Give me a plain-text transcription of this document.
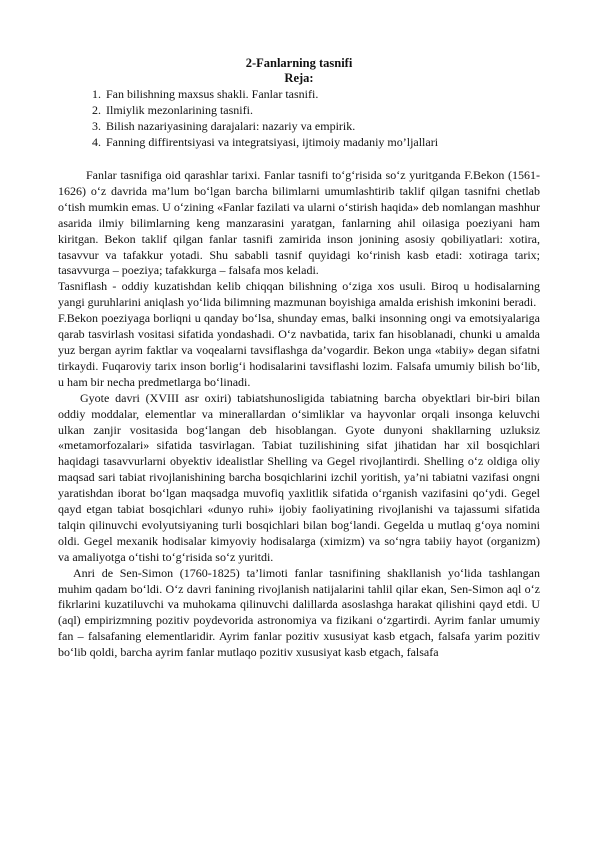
2-Fanlarning tasnifi

Reja:

1. Fan bilishning maxsus shakli. Fanlar tasnifi.
2. Ilmiylik mezonlarining tasnifi.
3. Bilish nazariyasining darajalari: nazariy va empirik.
4. Fanning diffirentsiyasi va integratsiyasi, ijtimoiy madaniy mo’ljallari

Fanlar tasnifiga oid qarashlar tarixi. Fanlar tasnifi to‘g‘risida so‘z yuritganda F.Bekon (1561-1626) o‘z davrida ma’lum bo‘lgan barcha bilimlarni umumlashtirib taklif qilgan tasnifni chetlab o‘tish mumkin emas. U o‘zining «Fanlar fazilati va ularni o‘stirish haqida» deb nomlangan mashhur asarida ilmiy bilimlarning keng manzarasini yaratgan, fanlarning ahil oilasiga poeziyani ham kiritgan. Bekon taklif qilgan fanlar tasnifi zamirida inson jonining asosiy qobiliyatlari: xotira, tasavvur va tafakkur yotadi. Shu sababli tasnif quyidagi ko‘rinish kasb etadi: xotiraga tarix; tasavvurga – poeziya; tafakkurga – falsafa mos keladi.

Tasniflash - oddiy kuzatishdan kelib chiqqan bilishning o‘ziga xos usuli. Biroq u hodisalarning yangi guruhlarini aniqlash yo‘lida bilimning mazmunan boyishiga amalda erishish imkonini beradi.

F.Bekon poeziyaga borliqni u qanday bo‘lsa, shunday emas, balki insonning ongi va emotsiyalariga qarab tasvirlash vositasi sifatida yondashadi. O‘z navbatida, tarix fan hisoblanadi, chunki u amalda yuz bergan ayrim faktlar va voqealarni tavsiflashga da’vogardir. Bekon unga «tabiiy» degan sifatni tirkaydi. Fuqaroviy tarix inson borlig‘i hodisalarini tavsiflashi lozim. Falsafa umumiy bilish bo‘lib, u ham bir necha predmetlarga bo‘linadi.

Gyote davri (XVIII asr oxiri) tabiatshunosligida tabiatning barcha obyektlari bir-biri bilan oddiy moddalar, elementlar va minerallardan o‘simliklar va hayvonlar orqali insonga keluvchi ulkan zanjir vositasida bog‘langan deb hisoblangan. Gyote dunyoni shakllarning uzluksiz «metamorfozalari» sifatida tasvirlagan. Tabiat tuzilishining sifat jihatidan har xil bosqichlari haqidagi tasavvurlarni obyektiv idealistlar Shelling va Gegel rivojlantirdi. Shelling o‘z oldiga oliy maqsad sari tabiat rivojlanishining barcha bosqichlarini izchil yoritish, ya’ni tabiatni vazifasi ongni yaratishdan iborat bo‘lgan maqsadga muvofiq yaxlitlik sifatida o‘rganish vazifasini qo‘ydi. Gegel qayd etgan tabiat bosqichlari «dunyo ruhi» ijobiy faoliyatining rivojlanishi va tajassumi sifatida talqin qilinuvchi evolyutsiyaning turli bosqichlari bilan bog‘landi. Gegelda u mutlaq g‘oya nomini oldi. Gegel mexanik hodisalar kimyoviy hodisalarga (ximizm) va so‘ngra tabiiy hayot (organizm) va amaliyotga o‘tishi to‘g‘risida so‘z yuritdi.

Anri de Sen-Simon (1760-1825) ta’limoti fanlar tasnifining shakllanish yo‘lida tashlangan muhim qadam bo‘ldi. O‘z davri fanining rivojlanish natijalarini tahlil qilar ekan, Sen-Simon aql o‘z fikrlarini kuzatiluvchi va muhokama qilinuvchi dalillarda asoslashga harakat qilishini qayd etdi. U (aql) empirizmning pozitiv poydevorida astronomiya va fizikani o‘zgartirdi. Ayrim fanlar umumiy fan – falsafaning elementlaridir. Ayrim fanlar pozitiv xususiyat kasb etgach, falsafa yarim pozitiv bo‘lib qoldi, barcha ayrim fanlar mutlaqo pozitiv xususiyat kasb etgach, falsafa
